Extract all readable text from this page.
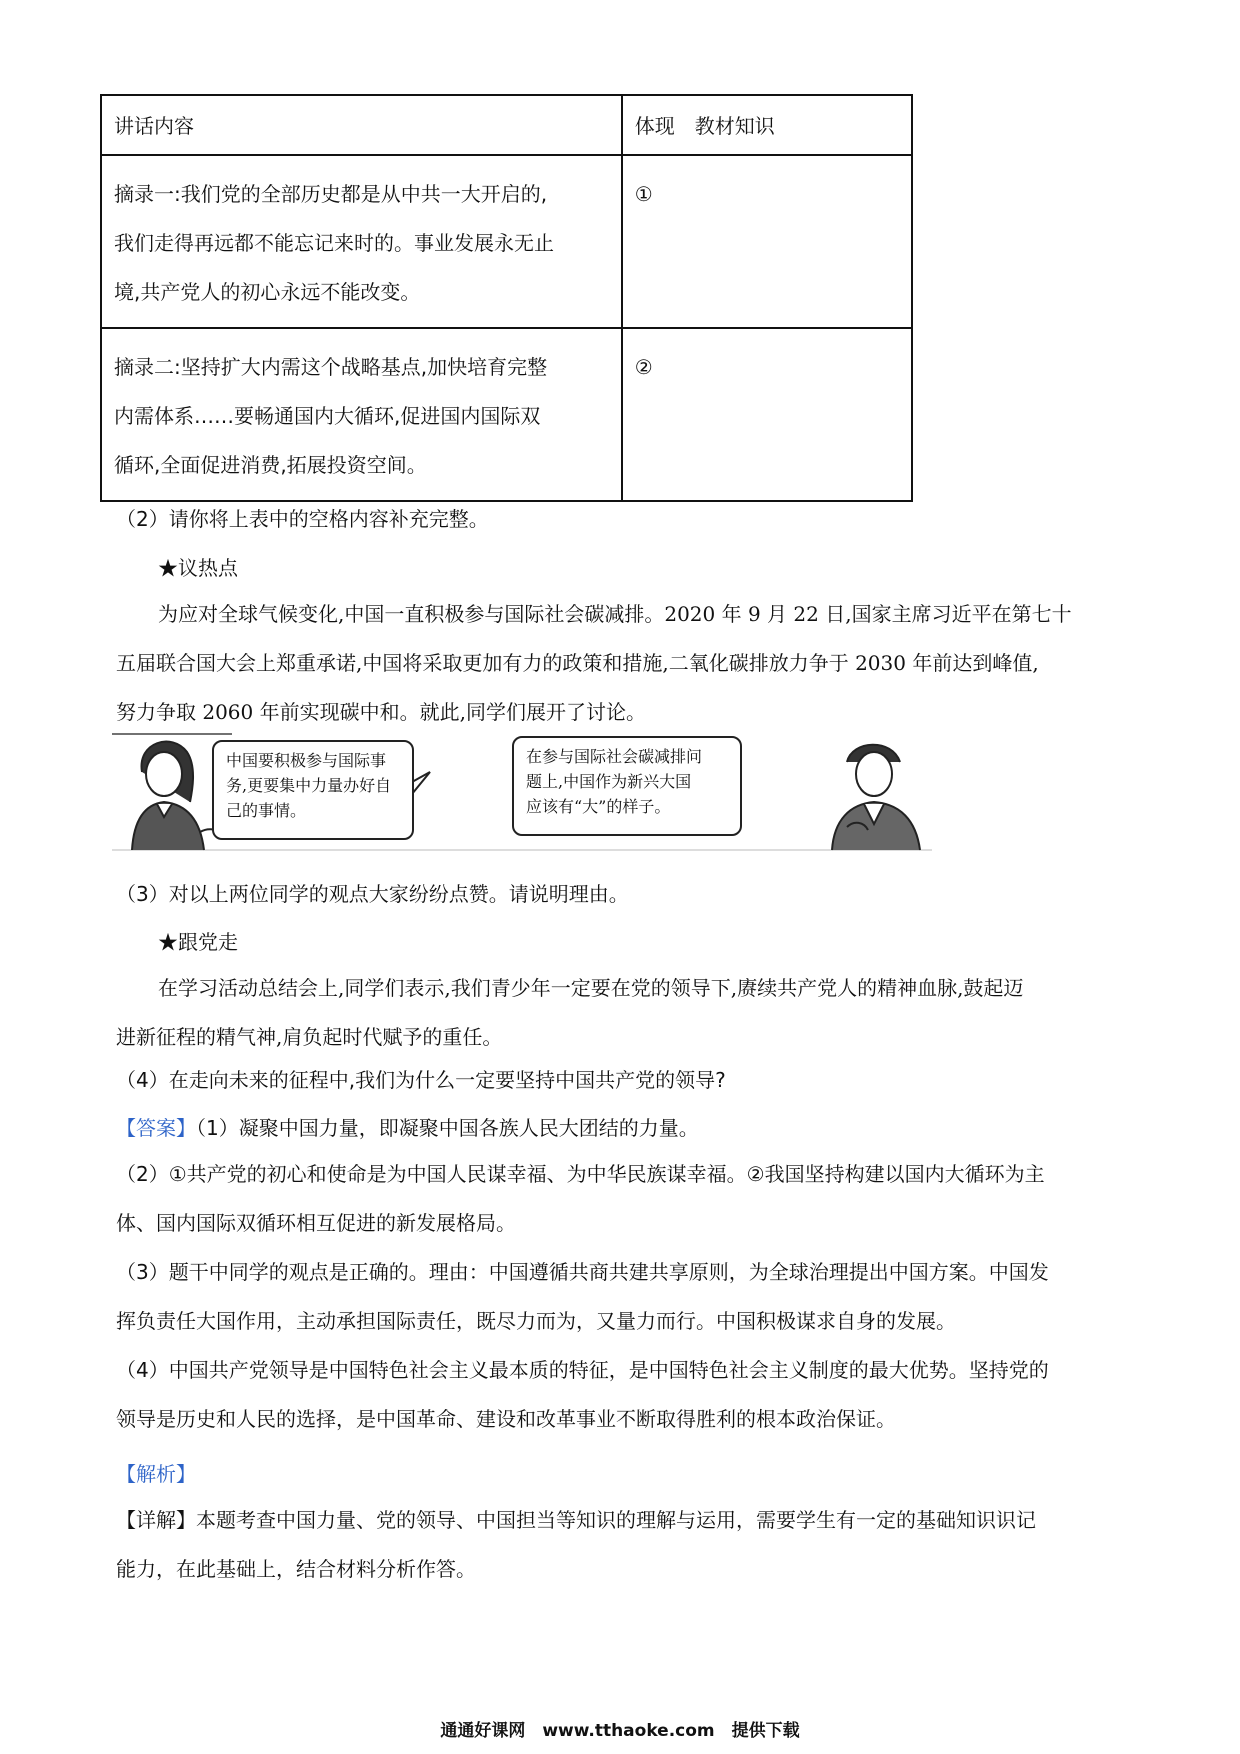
讲话内容	体现　教材知识

摘录一:我们党的全部历史都是从中共一大开启的,
我们走得再远都不能忘记来时的。事业发展永无止
境,共产党人的初心永远不能改变。	①

摘录二:坚持扩大内需这个战略基点,加快培育完整
内需体系……要畅通国内大循环,促进国内国际双
循环,全面促进消费,拓展投资空间。	②
（2）请你将上表中的空格内容补充完整。
★议热点
为应对全球气候变化,中国一直积极参与国际社会碳减排。2020 年 9 月 22 日,国家主席习近平在第七十
五届联合国大会上郑重承诺,中国将采取更加有力的政策和措施,二氧化碳排放力争于 2030 年前达到峰值,
努力争取 2060 年前实现碳中和。就此,同学们展开了讨论。
中国要积极参与国际事
务,更要集中力量办好自
己的事情。
在参与国际社会碳减排问
题上,中国作为新兴大国
应该有“大”的样子。
（3）对以上两位同学的观点大家纷纷点赞。请说明理由。
★跟党走
在学习活动总结会上,同学们表示,我们青少年一定要在党的领导下,赓续共产党人的精神血脉,鼓起迈
进新征程的精气神,肩负起时代赋予的重任。
（4）在走向未来的征程中,我们为什么一定要坚持中国共产党的领导?
【答案】（1）凝聚中国力量，即凝聚中国各族人民大团结的力量。
（2）①共产党的初心和使命是为中国人民谋幸福、为中华民族谋幸福。②我国坚持构建以国内大循环为主
体、国内国际双循环相互促进的新发展格局。
（3）题干中同学的观点是正确的。理由：中国遵循共商共建共享原则，为全球治理提出中国方案。中国发
挥负责任大国作用，主动承担国际责任，既尽力而为，又量力而行。中国积极谋求自身的发展。
（4）中国共产党领导是中国特色社会主义最本质的特征，是中国特色社会主义制度的最大优势。坚持党的
领导是历史和人民的选择，是中国革命、建设和改革事业不断取得胜利的根本政治保证。
【解析】
【详解】本题考查中国力量、党的领导、中国担当等知识的理解与运用，需要学生有一定的基础知识识记
能力，在此基础上，结合材料分析作答。
通通好课网　www.tthaoke.com　提供下载
